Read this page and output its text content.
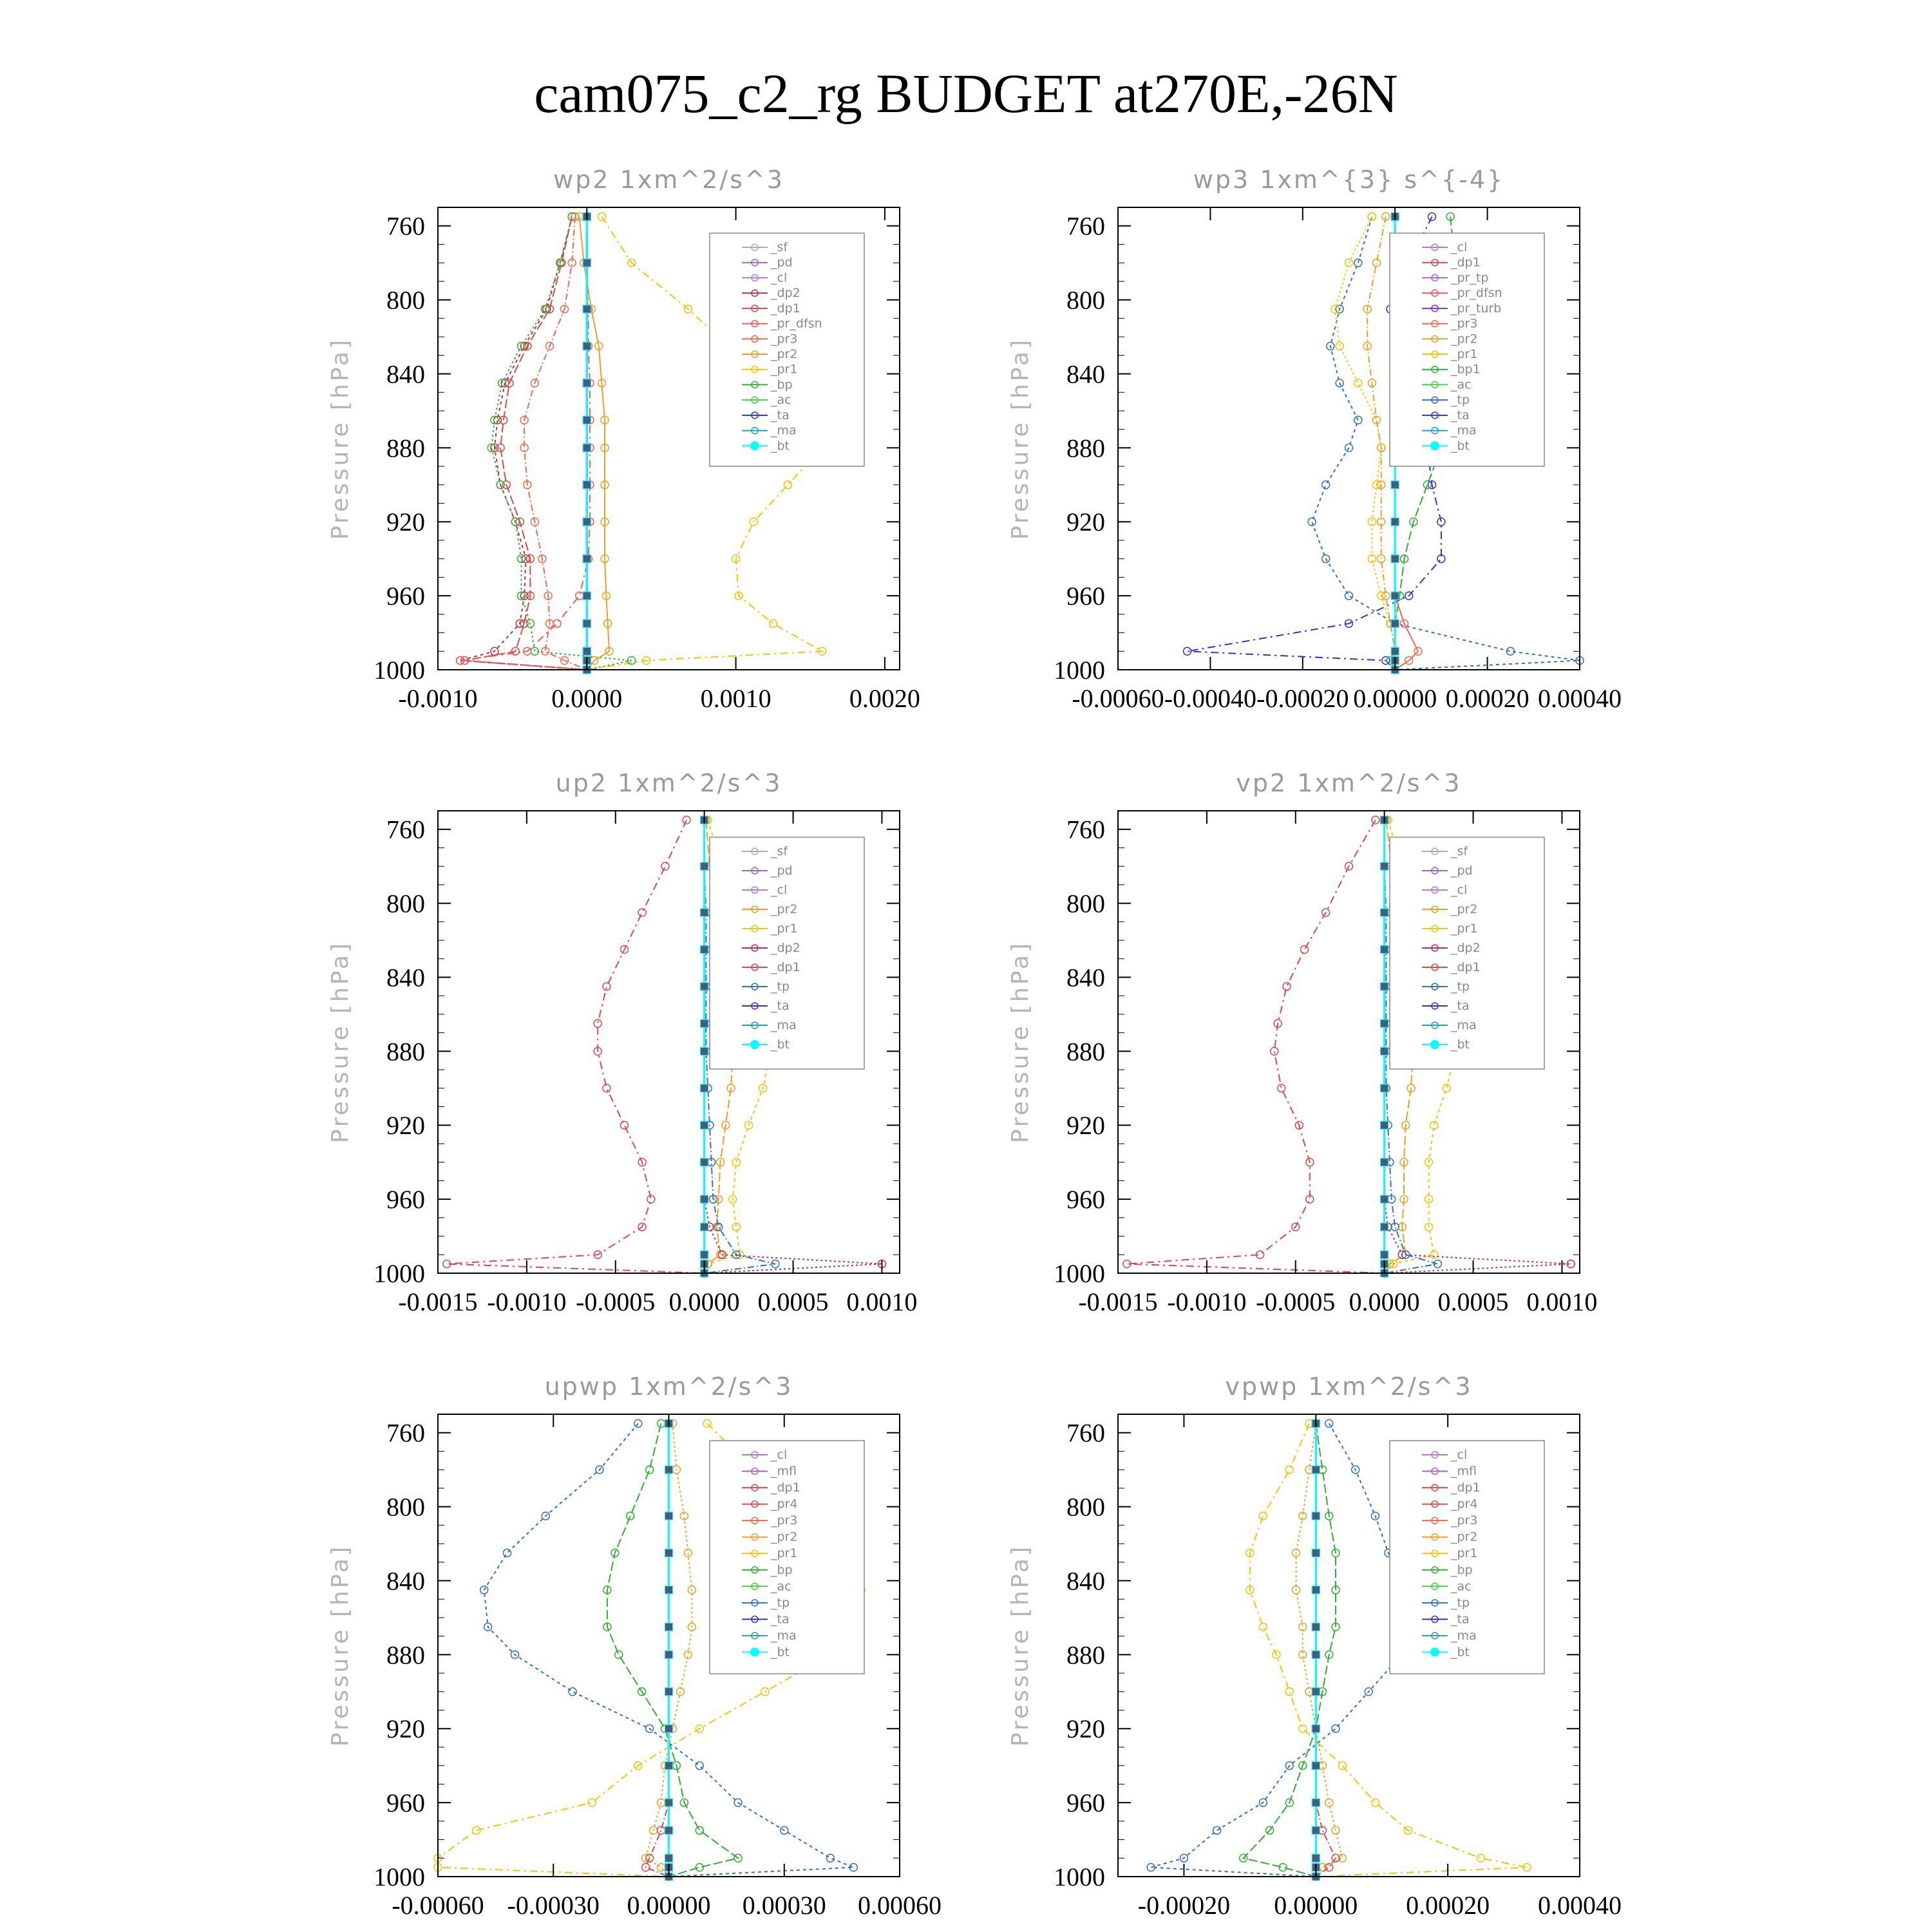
cam075_c2_rg BUDGET at270E,-26N
wp2 1xm^2/s^3
Pressure [hPa]
760
800
840
880
920
960
1000
-0.0010	0.0000	0.0010	0.0020
_sf
_pd
_cl
_dp2
_dp1
_pr_dfsn
_pr3
_pr2
_pr1
_bp
_ac
_ta
_ma
_bt
wp3 1xm^{3} s^{-4}
Pressure [hPa]
760
800
840
880
920
960
1000
-0.00060 -0.00040 -0.00020 0.00000 0.00020 0.00040
_cl
_dp1
_pr_tp
_pr_dfsn
_pr_turb
_pr3
_pr2
_pr1
_bp1
_ac
_tp
_ta
_ma
_bt
up2 1xm^2/s^3
Pressure [hPa]
760
800
840
880
920
960
1000
-0.0015 -0.0010 -0.0005 0.0000 0.0005 0.0010
_sf
_pd
_cl
_pr2
_pr1
_dp2
_dp1
_tp
_ta
_ma
_bt
vp2 1xm^2/s^3
Pressure [hPa]
760
800
840
880
920
960
1000
-0.0015 -0.0010 -0.0005 0.0000 0.0005 0.0010
_sf
_pd
_cl
_pr2
_pr1
_dp2
_dp1
_tp
_ta
_ma
_bt
upwp 1xm^2/s^3
Pressure [hPa]
760
800
840
880
920
960
1000
-0.00060 -0.00030 0.00000 0.00030 0.00060
_cl
_mfl
_dp1
_pr4
_pr3
_pr2
_pr1
_bp
_ac
_tp
_ta
_ma
_bt
vpwp 1xm^2/s^3
Pressure [hPa]
760
800
840
880
920
960
1000
-0.00020 0.00000 0.00020 0.00040
_cl
_mfl
_dp1
_pr4
_pr3
_pr2
_pr1
_bp
_ac
_tp
_ta
_ma
_bt
